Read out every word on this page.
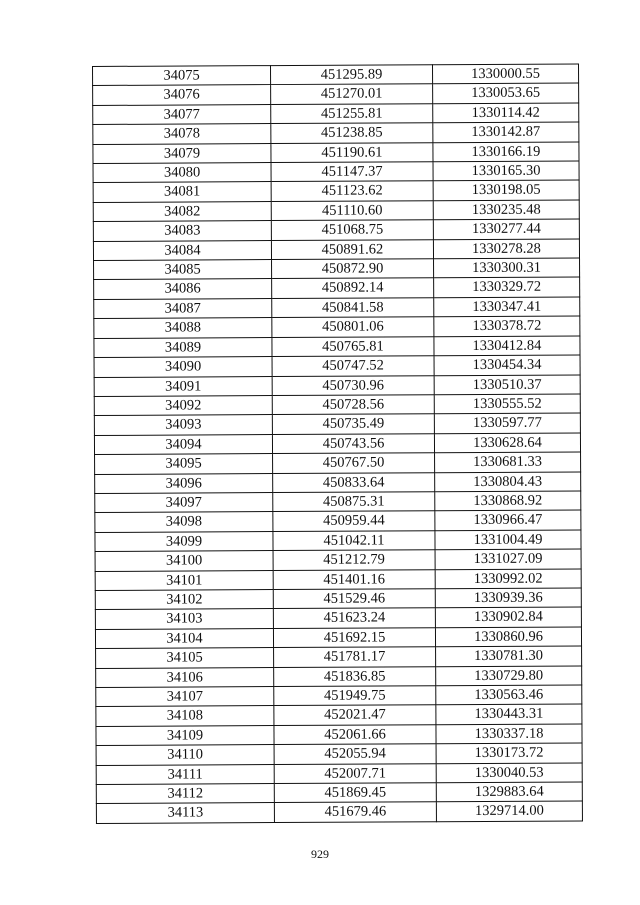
34075	451295.89	1330000.55
34076	451270.01	1330053.65
34077	451255.81	1330114.42
34078	451238.85	1330142.87
34079	451190.61	1330166.19
34080	451147.37	1330165.30
34081	451123.62	1330198.05
34082	451110.60	1330235.48
34083	451068.75	1330277.44
34084	450891.62	1330278.28
34085	450872.90	1330300.31
34086	450892.14	1330329.72
34087	450841.58	1330347.41
34088	450801.06	1330378.72
34089	450765.81	1330412.84
34090	450747.52	1330454.34
34091	450730.96	1330510.37
34092	450728.56	1330555.52
34093	450735.49	1330597.77
34094	450743.56	1330628.64
34095	450767.50	1330681.33
34096	450833.64	1330804.43
34097	450875.31	1330868.92
34098	450959.44	1330966.47
34099	451042.11	1331004.49
34100	451212.79	1331027.09
34101	451401.16	1330992.02
34102	451529.46	1330939.36
34103	451623.24	1330902.84
34104	451692.15	1330860.96
34105	451781.17	1330781.30
34106	451836.85	1330729.80
34107	451949.75	1330563.46
34108	452021.47	1330443.31
34109	452061.66	1330337.18
34110	452055.94	1330173.72
34111	452007.71	1330040.53
34112	451869.45	1329883.64
34113	451679.46	1329714.00
929
